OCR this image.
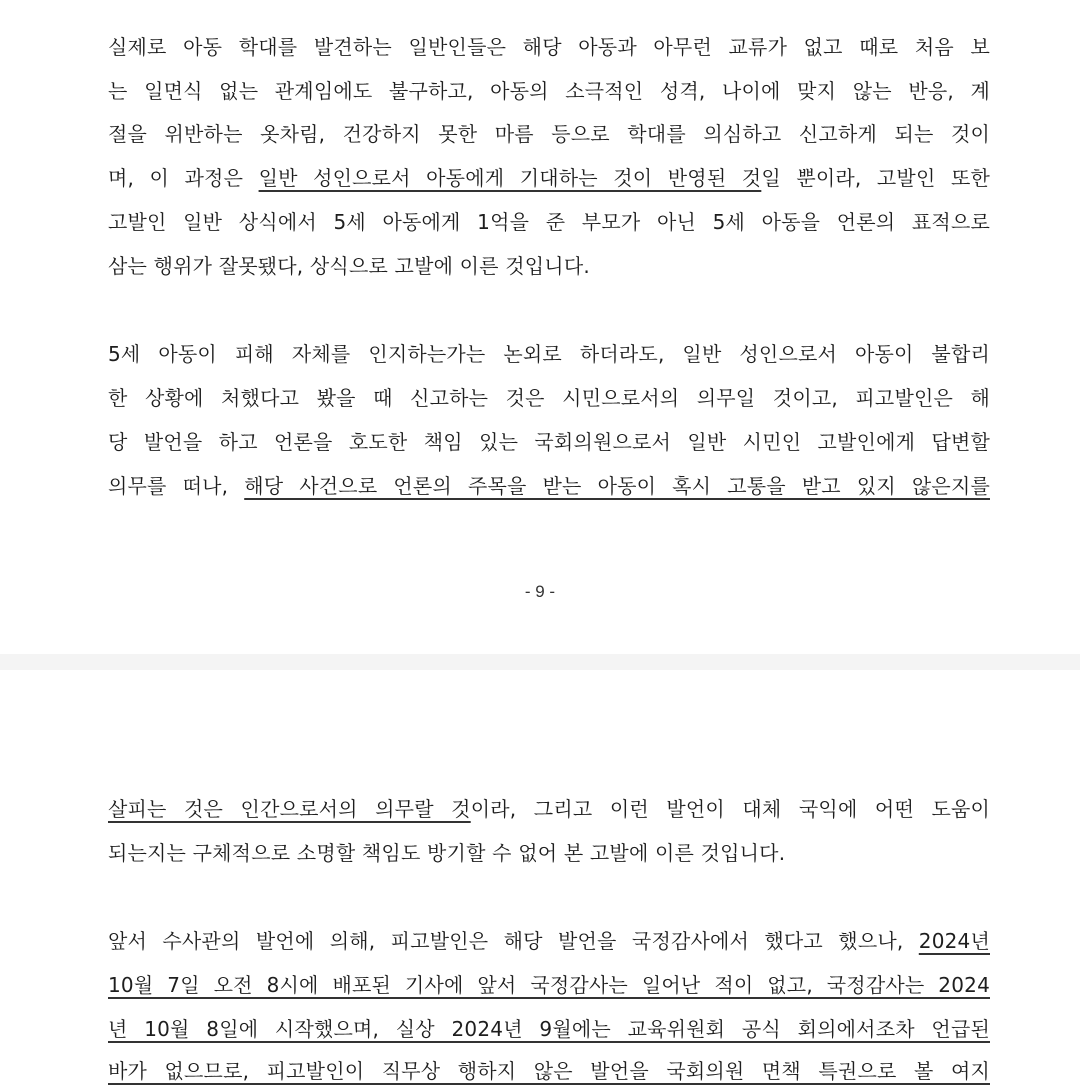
실제로 아동 학대를 발견하는 일반인들은 해당 아동과 아무런 교류가 없고 때로 처음 보
는 일면식 없는 관계임에도 불구하고, 아동의 소극적인 성격, 나이에 맞지 않는 반응, 계
절을 위반하는 옷차림, 건강하지 못한 마름 등으로 학대를 의심하고 신고하게 되는 것이
며, 이 과정은 일반 성인으로서 아동에게 기대하는 것이 반영된 것일 뿐이라, 고발인 또한
고발인 일반 상식에서 5세 아동에게 1억을 준 부모가 아닌 5세 아동을 언론의 표적으로
삼는 행위가 잘못됐다, 상식으로 고발에 이른 것입니다.
5세 아동이 피해 자체를 인지하는가는 논외로 하더라도, 일반 성인으로서 아동이 불합리
한 상황에 처했다고 봤을 때 신고하는 것은 시민으로서의 의무일 것이고, 피고발인은 해
당 발언을 하고 언론을 호도한 책임 있는 국회의원으로서 일반 시민인 고발인에게 답변할
의무를 떠나, 해당 사건으로 언론의 주목을 받는 아동이 혹시 고통을 받고 있지 않은지를
- 9 -
살피는 것은 인간으로서의 의무랄 것이라, 그리고 이런 발언이 대체 국익에 어떤 도움이
되는지는 구체적으로 소명할 책임도 방기할 수 없어 본 고발에 이른 것입니다.
앞서 수사관의 발언에 의해, 피고발인은 해당 발언을 국정감사에서 했다고 했으나, 2024년
10월 7일 오전 8시에 배포된 기사에 앞서 국정감사는 일어난 적이 없고, 국정감사는 2024
년 10월 8일에 시작했으며, 실상 2024년 9월에는 교육위원회 공식 회의에서조차 언급된
바가 없으므로, 피고발인이 직무상 행하지 않은 발언을 국회의원 면책 특권으로 볼 여지
